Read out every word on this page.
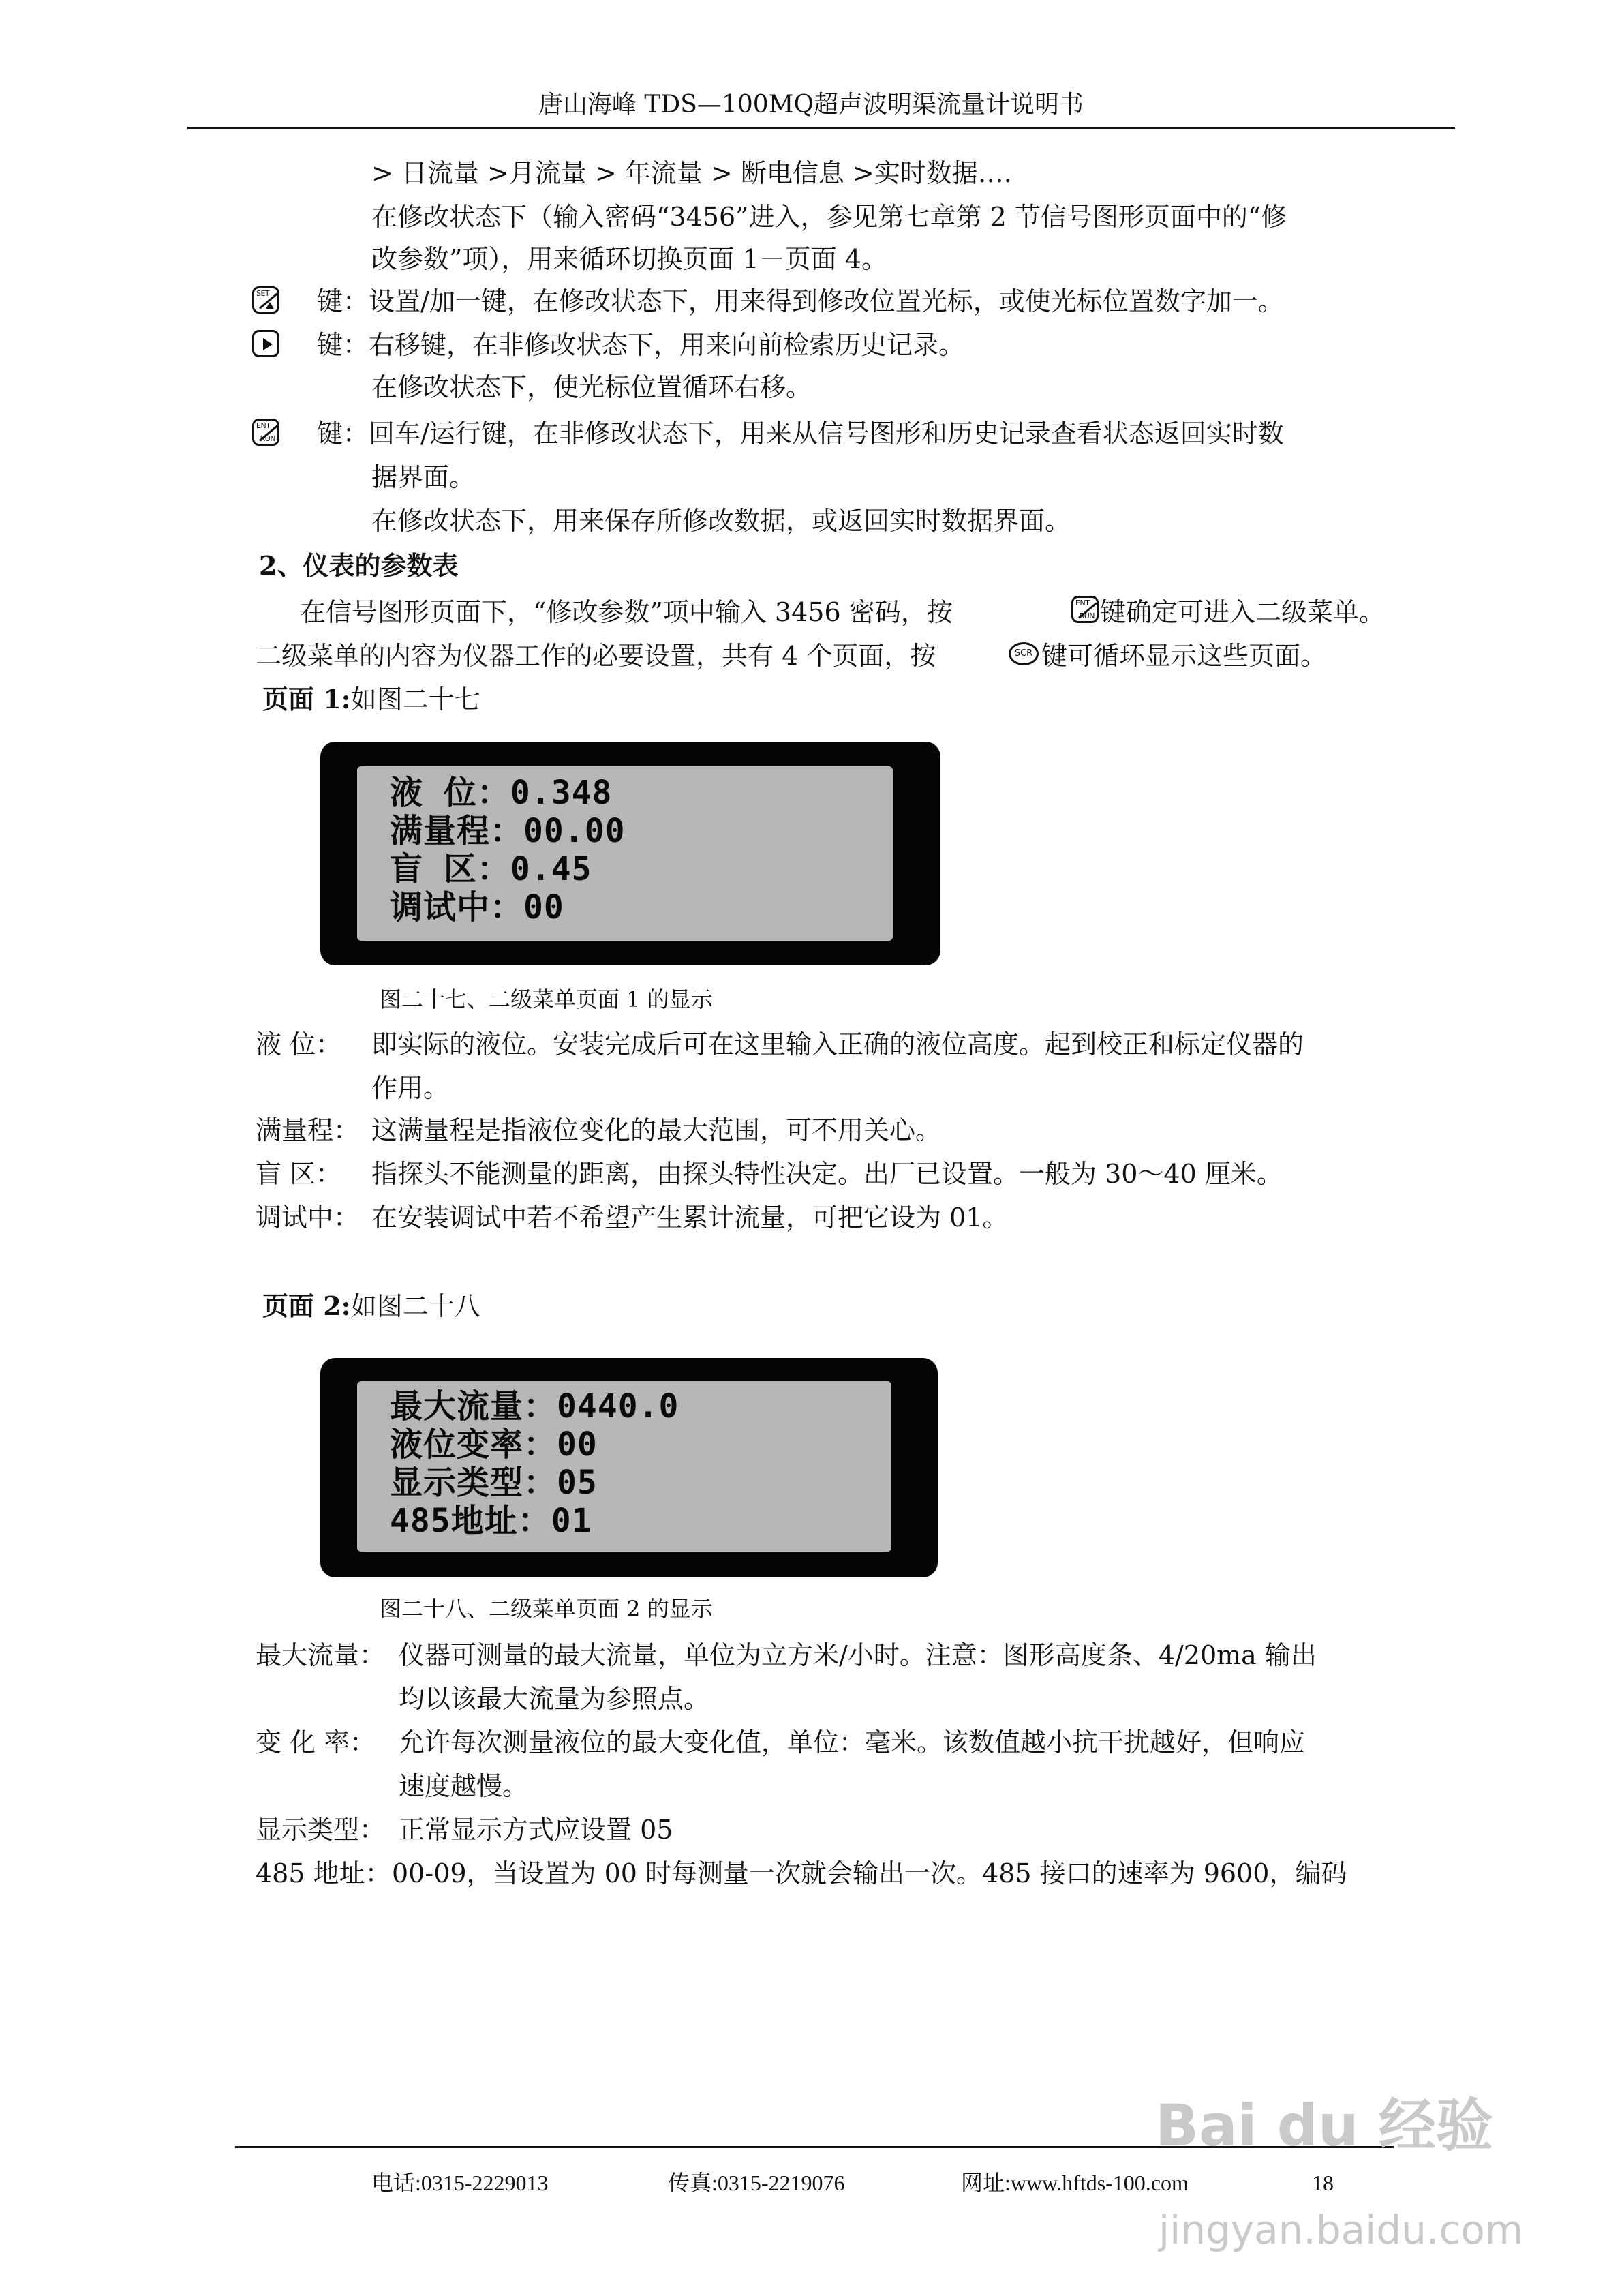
唐山海峰 TDS—100MQ超声波明渠流量计说明书
> 日流量 >月流量 > 年流量 > 断电信息 >实时数据….
在修改状态下（输入密码“3456”进入，参见第七章第 2 节信号图形页面中的“修
改参数”项），用来循环切换页面 1－页面 4。
SET 键：设置/加一键，在修改状态下，用来得到修改位置光标，或使光标位置数字加一。
键：右移键，在非修改状态下，用来向前检索历史记录。
在修改状态下，使光标位置循环右移。
ENT
RUN 键：回车/运行键，在非修改状态下，用来从信号图形和历史记录查看状态返回实时数
据界面。
在修改状态下，用来保存所修改数据，或返回实时数据界面。
2、仪表的参数表
在信号图形页面下，“修改参数”项中输入 3456 密码，按	ENT
RUN 键确定可进入二级菜单。
二级菜单的内容为仪器工作的必要设置，共有 4 个页面，按	SCR 键可循环显示这些页面。
页面 1:如图二十七
液 位：0.348
满量程：00.00
盲 区：0.45
调试中：00
图二十七、二级菜单页面 1 的显示
液 位： 即实际的液位。安装完成后可在这里输入正确的液位高度。起到校正和标定仪器的
作用。
满量程： 这满量程是指液位变化的最大范围，可不用关心。
盲 区： 指探头不能测量的距离，由探头特性决定。出厂已设置。一般为 30～40 厘米。
调试中： 在安装调试中若不希望产生累计流量，可把它设为 01。
页面 2:如图二十八
最大流量：0440.0
液位变率：00
显示类型：05
485地址：01
图二十八、二级菜单页面 2 的显示
最大流量： 仪器可测量的最大流量，单位为立方米/小时。注意：图形高度条、4/20ma 输出
均以该最大流量为参照点。
变 化 率： 允许每次测量液位的最大变化值，单位：毫米。该数值越小抗干扰越好，但响应
速度越慢。
显示类型： 正常显示方式应设置 05
485 地址： 00-09，当设置为 00 时每测量一次就会输出一次。485 接口的速率为 9600，编码
电话:0315-2229013	传真:0315-2219076	网址:www.hftds-100.com	18
Bai du 经验
jingyan.baidu.com
